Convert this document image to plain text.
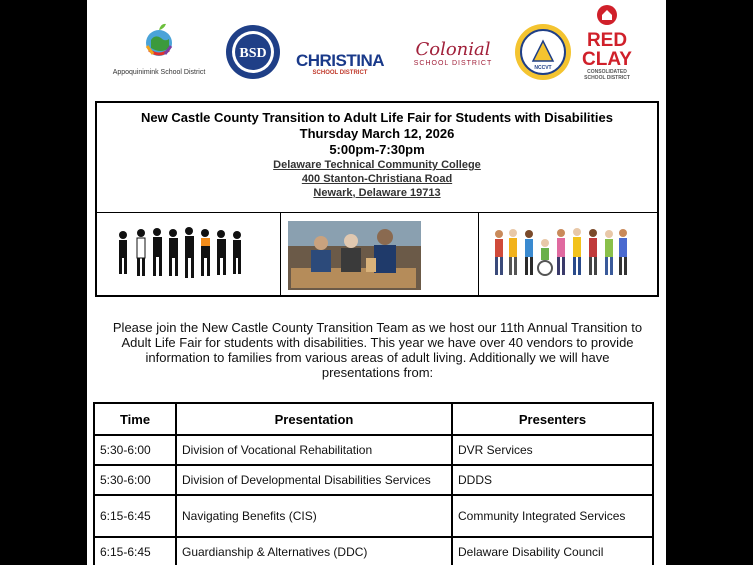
Appoquinimink School District
BSD CHRISTINA
SCHOOL DISTRICT
Colonial
SCHOOL DISTRICT
NCCVT
RED
CLAY
CONSOLIDATED SCHOOL DISTRICT
New Castle County Transition to Adult Life Fair for Students with Disabilities
Thursday March 12, 2026
5:00pm-7:30pm
Delaware Technical Community College
400 Stanton-Christiana Road
Newark, Delaware 19713
Please join the New Castle County Transition Team as we host our 11th Annual Transition to Adult Life Fair for students with disabilities. This year we have over 40 vendors to provide information to families from various areas of adult living. Additionally we will have presentations from:
Time	Presentation	Presenters
5:30-6:00	Division of Vocational Rehabilitation	DVR Services
5:30-6:00	Division of Developmental Disabilities Services	DDDS
6:15-6:45	Navigating Benefits (CIS)	Community Integrated Services
6:15-6:45	Guardianship & Alternatives (DDC)	Delaware Disability Council
